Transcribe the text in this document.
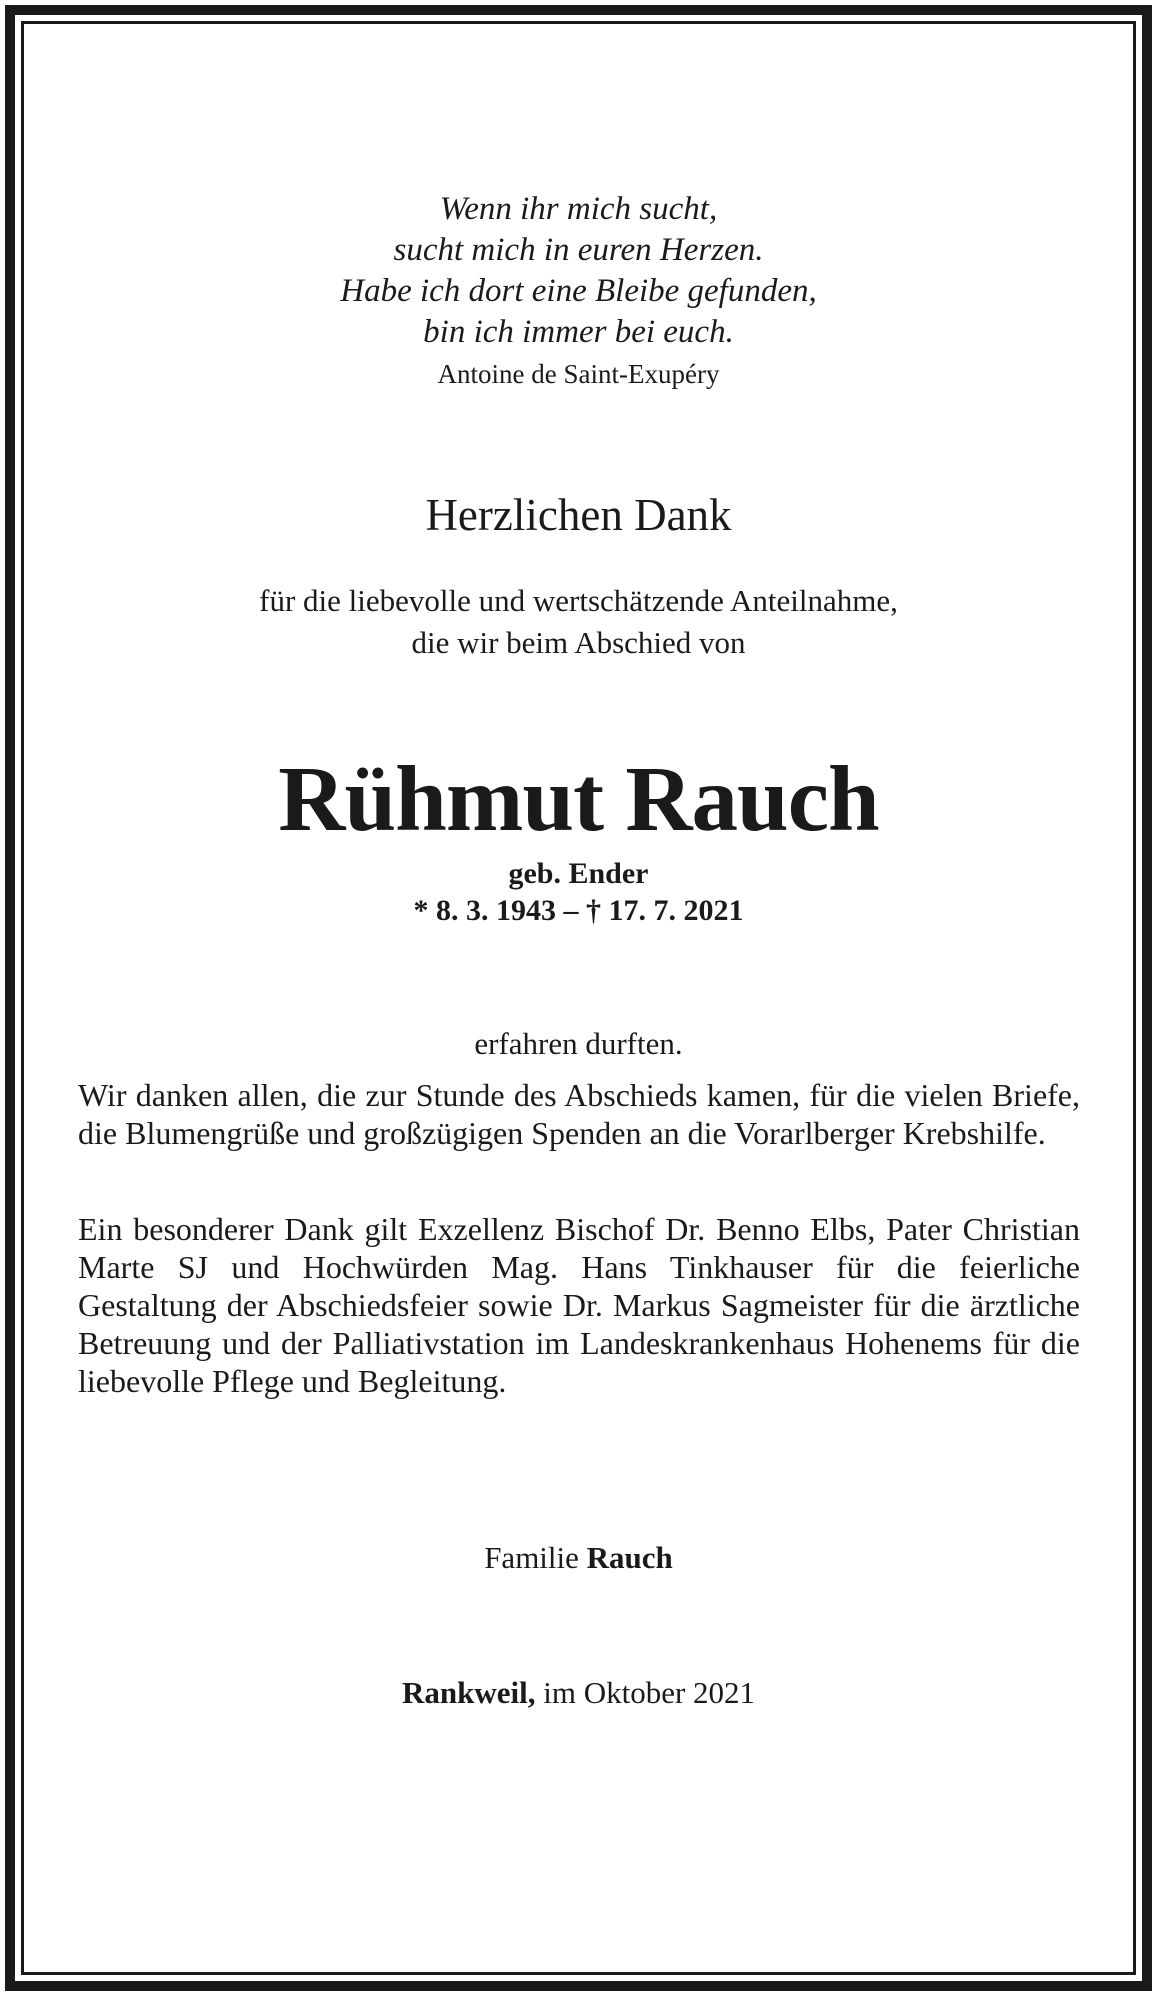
Wenn ihr mich sucht,
sucht mich in euren Herzen.
Habe ich dort eine Bleibe gefunden,
bin ich immer bei euch.
Antoine de Saint-Exupéry
Herzlichen Dank
für die liebevolle und wertschätzende Anteilnahme,
die wir beim Abschied von
Rühmut Rauch
geb. Ender
* 8. 3. 1943 – † 17. 7. 2021
erfahren durften.
Wir danken allen, die zur Stunde des Abschieds kamen, für die vielen Briefe, die Blumengrüße und großzügigen Spenden an die Vorarlberger Krebshilfe.
Ein besonderer Dank gilt Exzellenz Bischof Dr. Benno Elbs, Pater Christian Marte SJ und Hochwürden Mag. Hans Tinkhauser für die feierliche Gestaltung der Abschiedsfeier sowie Dr. Markus Sagmeister für die ärztliche Betreuung und der Palliativstation im Landeskrankenhaus Hohenems für die liebevolle Pflege und Begleitung.
Familie Rauch
Rankweil, im Oktober 2021
